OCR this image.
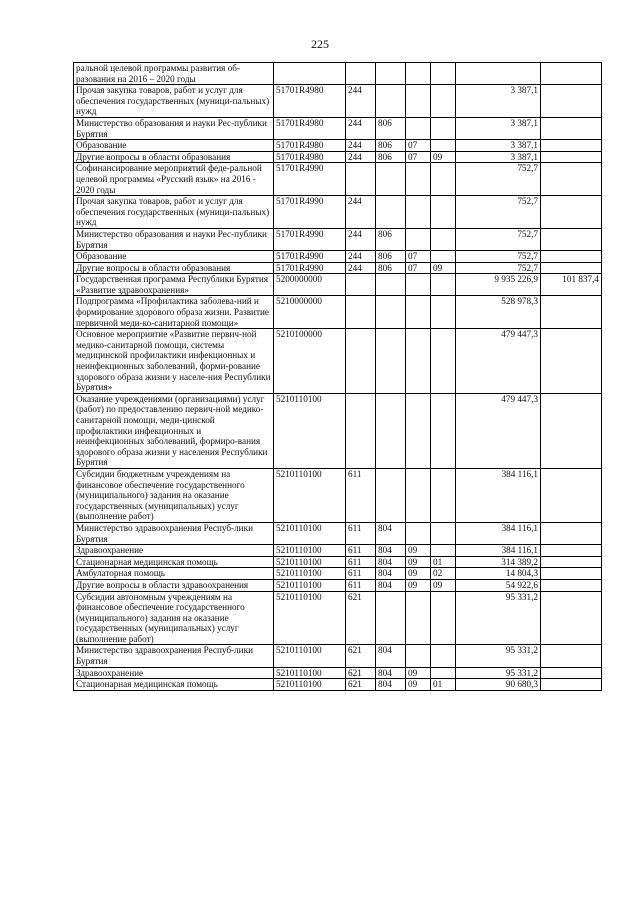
225
ральной целевой программы развития об-разования на 2016 – 2020 годы							
Прочая закупка товаров, работ и услуг для обеспечения государственных (муници-пальных) нужд	51701R4980	244				3 387,1	
Министерство образования и науки Рес-публики Бурятия	51701R4980	244	806			3 387,1	
Образование	51701R4980	244	806	07		3 387,1	
Другие вопросы в области образования	51701R4980	244	806	07	09	3 387,1	
Софинансирование мероприятий феде-ральной целевой программы «Русский язык» на 2016 - 2020 годы	51701R4990					752,7	
Прочая закупка товаров, работ и услуг для обеспечения государственных (муници-пальных) нужд	51701R4990	244				752,7	
Министерство образования и науки Рес-публики Бурятия	51701R4990	244	806			752,7	
Образование	51701R4990	244	806	07		752,7	
Другие вопросы в области образования	51701R4990	244	806	07	09	752,7	
Государственная программа Республики Бурятия «Развитие здравоохранения»	5200000000					9 935 226,9	101 837,4
Подпрограмма «Профилактика заболева-ний и формирование здорового образа жизни. Развитие первичной меди-ко-санитарной помощи»	5210000000					528 978,3	
Основное мероприятие «Развитие первич-ной медико-санитарной помощи, системы медицинской профилактики инфекционных и неинфекционных заболеваний, форми-рование здорового образа жизни у населе-ния Республики Бурятия»	5210100000					479 447,3	
Оказание учреждениями (организациями) услуг (работ) по предоставлению первич-ной медико-санитарной помощи, меди-цинской профилактики инфекционных и неинфекционных заболеваний, формиро-вания здорового образа жизни у населения Республики Бурятия	5210110100					479 447,3	
Субсидии бюджетным учреждениям на финансовое обеспечение государственного (муниципального) задания на оказание государственных (муниципальных) услуг (выполнение работ)	5210110100	611				384 116,1	
Министерство здравоохранения Респуб-лики Бурятия	5210110100	611	804			384 116,1	
Здравоохранение	5210110100	611	804	09		384 116,1	
Стационарная медицинская помощь	5210110100	611	804	09	01	314 389,2	
Амбулаторная помощь	5210110100	611	804	09	02	14 804,3	
Другие вопросы в области здравоохранения	5210110100	611	804	09	09	54 922,6	
Субсидии автономным учреждениям на финансовое обеспечение государственного (муниципального) задания на оказание государственных (муниципальных) услуг (выполнение работ)	5210110100	621				95 331,2	
Министерство здравоохранения Респуб-лики Бурятия	5210110100	621	804			95 331,2	
Здравоохранение	5210110100	621	804	09		95 331,2	
Стационарная медицинская помощь	5210110100	621	804	09	01	90 680,3	
